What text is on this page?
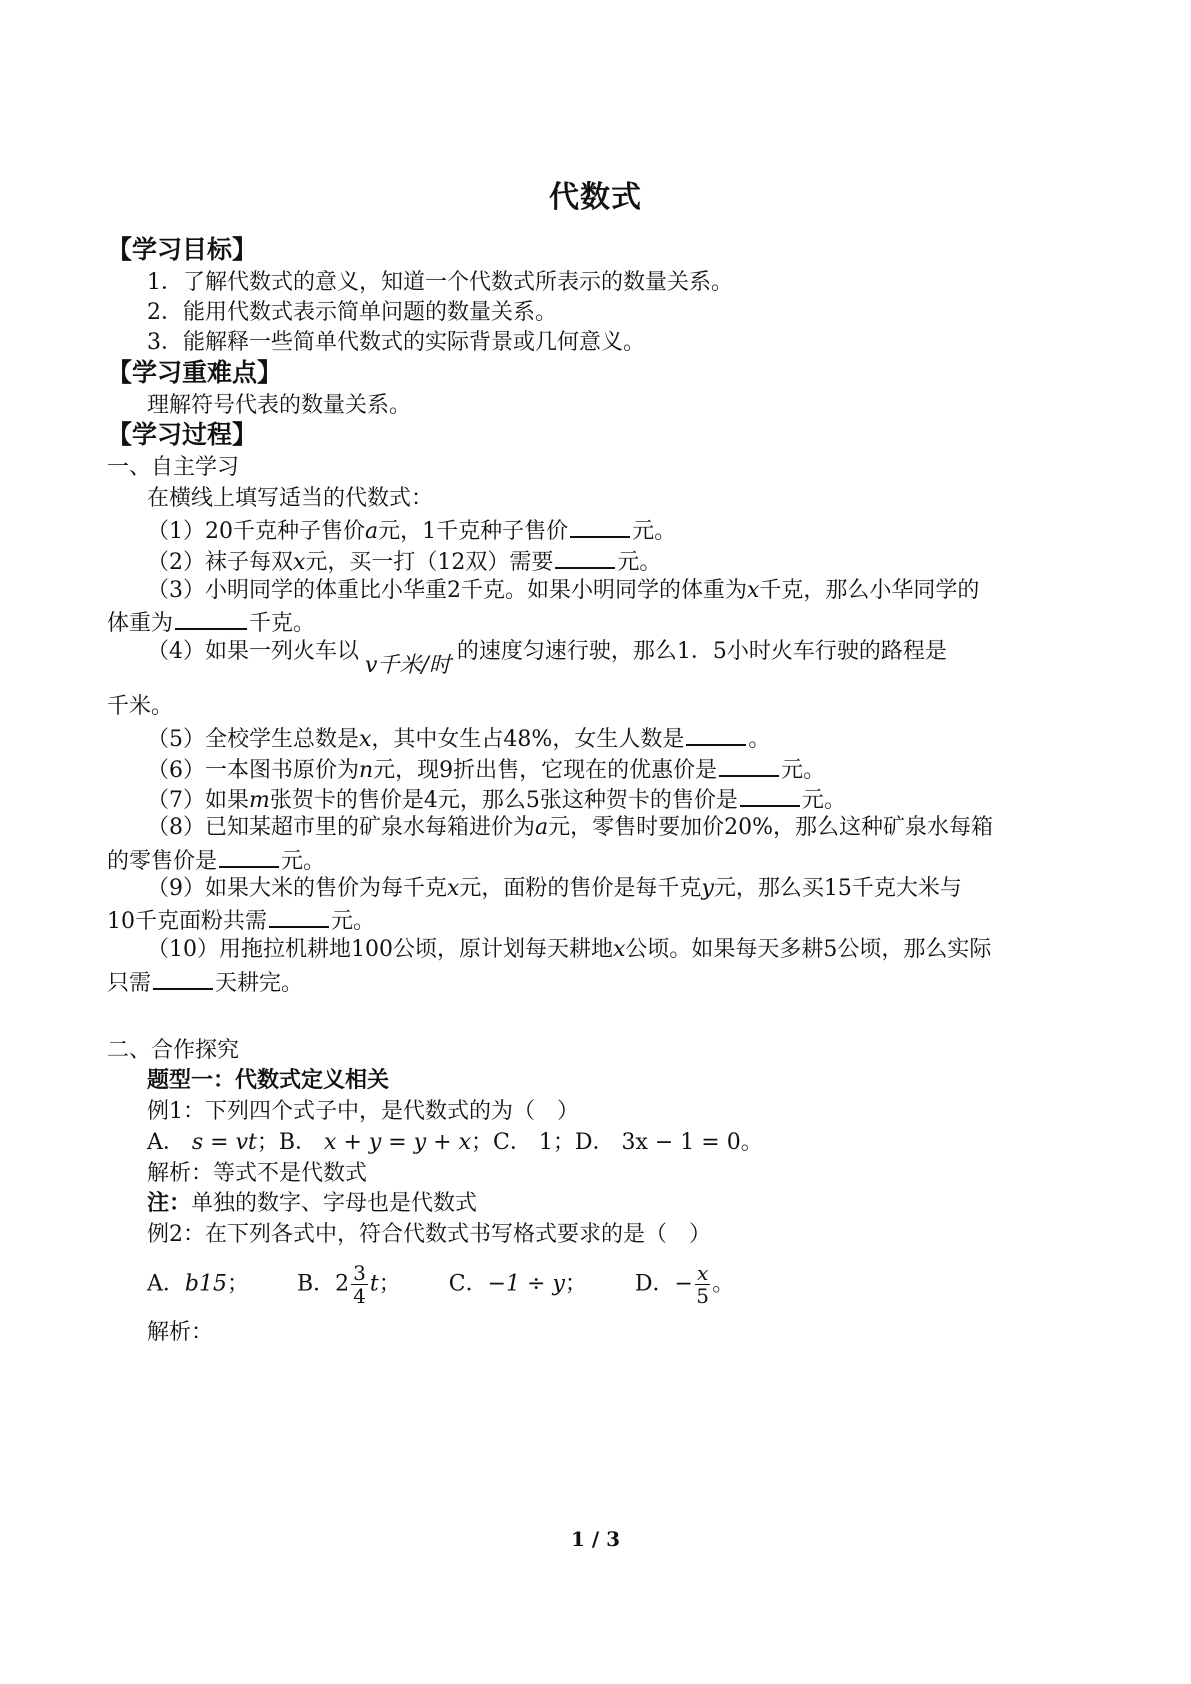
代数式
【学习目标】
1．了解代数式的意义，知道一个代数式所表示的数量关系。
2．能用代数式表示简单问题的数量关系。
3．能解释一些简单代数式的实际背景或几何意义。
【学习重难点】
理解符号代表的数量关系。
【学习过程】
一、自主学习
在横线上填写适当的代数式：
（1）20千克种子售价a元，1千克种子售价	元。
（2）袜子每双x元，买一打（12双）需要	元。
（3）小明同学的体重比小华重2千克。如果小明同学的体重为x千克，那么小华同学的
体重为	千克。
（4）如果一列火车以v千米/时的速度匀速行驶，那么1．5小时火车行驶的路程是
千米。
（5）全校学生总数是x，其中女生占48%，女生人数是	。
（6）一本图书原价为n元，现9折出售，它现在的优惠价是	元。
（7）如果m张贺卡的售价是4元，那么5张这种贺卡的售价是	元。
（8）已知某超市里的矿泉水每箱进价为a元，零售时要加价20%，那么这种矿泉水每箱
的零售价是	元。
（9）如果大米的售价为每千克x元，面粉的售价是每千克y元，那么买15千克大米与
10千克面粉共需	元。
（10）用拖拉机耕地100公顷，原计划每天耕地x公顷。如果每天多耕5公顷，那么实际
只需	天耕完。
二、合作探究
题型一：代数式定义相关
例1：下列四个式子中，是代数式的为（　）
A． s = vt；B． x + y = y + x；C． 1；D． 3x − 1 = 0。
解析：等式不是代数式
注：单独的数字、字母也是代数式
例2：在下列各式中，符合代数式书写格式要求的是（　）
A．b15； B．$2 \frac{3}{4}$ t； C．−1 ÷ y； D．− $\frac{x}{5}$ 。
解析：
1 / 3
